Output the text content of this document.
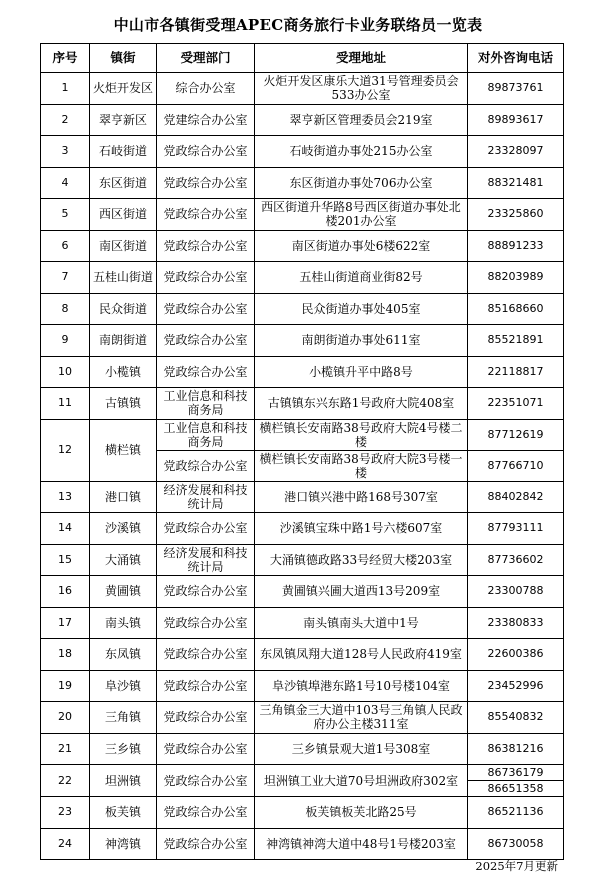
中山市各镇街受理APEC商务旅行卡业务联络员一览表
序号	镇街	受理部门	受理地址	对外咨询电话
1	火炬开发区	综合办公室	火炬开发区康乐大道31号管理委员会533办公室	89873761
2	翠亨新区	党建综合办公室	翠亨新区管理委员会219室	89893617
3	石岐街道	党政综合办公室	石岐街道办事处215办公室	23328097
4	东区街道	党政综合办公室	东区街道办事处706办公室	88321481
5	西区街道	党政综合办公室	西区街道升华路8号西区街道办事处北楼201办公室	23325860
6	南区街道	党政综合办公室	南区街道办事处6楼622室	88891233
7	五桂山街道	党政综合办公室	五桂山街道商业街82号	88203989
8	民众街道	党政综合办公室	民众街道办事处405室	85168660
9	南朗街道	党政综合办公室	南朗街道办事处611室	85521891
10	小榄镇	党政综合办公室	小榄镇升平中路8号	22118817
11	古镇镇	工业信息和科技商务局	古镇镇东兴东路1号政府大院408室	22351071
12	横栏镇	工业信息和科技商务局	横栏镇长安南路38号政府大院4号楼二楼	87712619
		党政综合办公室	横栏镇长安南路38号政府大院3号楼一楼	87766710
13	港口镇	经济发展和科技统计局	港口镇兴港中路168号307室	88402842
14	沙溪镇	党政综合办公室	沙溪镇宝珠中路1号六楼607室	87793111
15	大涌镇	经济发展和科技统计局	大涌镇德政路33号经贸大楼203室	87736602
16	黄圃镇	党政综合办公室	黄圃镇兴圃大道西13号209室	23300788
17	南头镇	党政综合办公室	南头镇南头大道中1号	23380833
18	东凤镇	党政综合办公室	东凤镇凤翔大道128号人民政府419室	22600386
19	阜沙镇	党政综合办公室	阜沙镇埠港东路1号10号楼104室	23452996
20	三角镇	党政综合办公室	三角镇金三大道中103号三角镇人民政府办公主楼311室	85540832
21	三乡镇	党政综合办公室	三乡镇景观大道1号308室	86381216
22	坦洲镇	党政综合办公室	坦洲镇工业大道70号坦洲政府302室	86736179
				86651358
23	板芙镇	党政综合办公室	板芙镇板芙北路25号	86521136
24	神湾镇	党政综合办公室	神湾镇神湾大道中48号1号楼203室	86730058
2025年7月更新
